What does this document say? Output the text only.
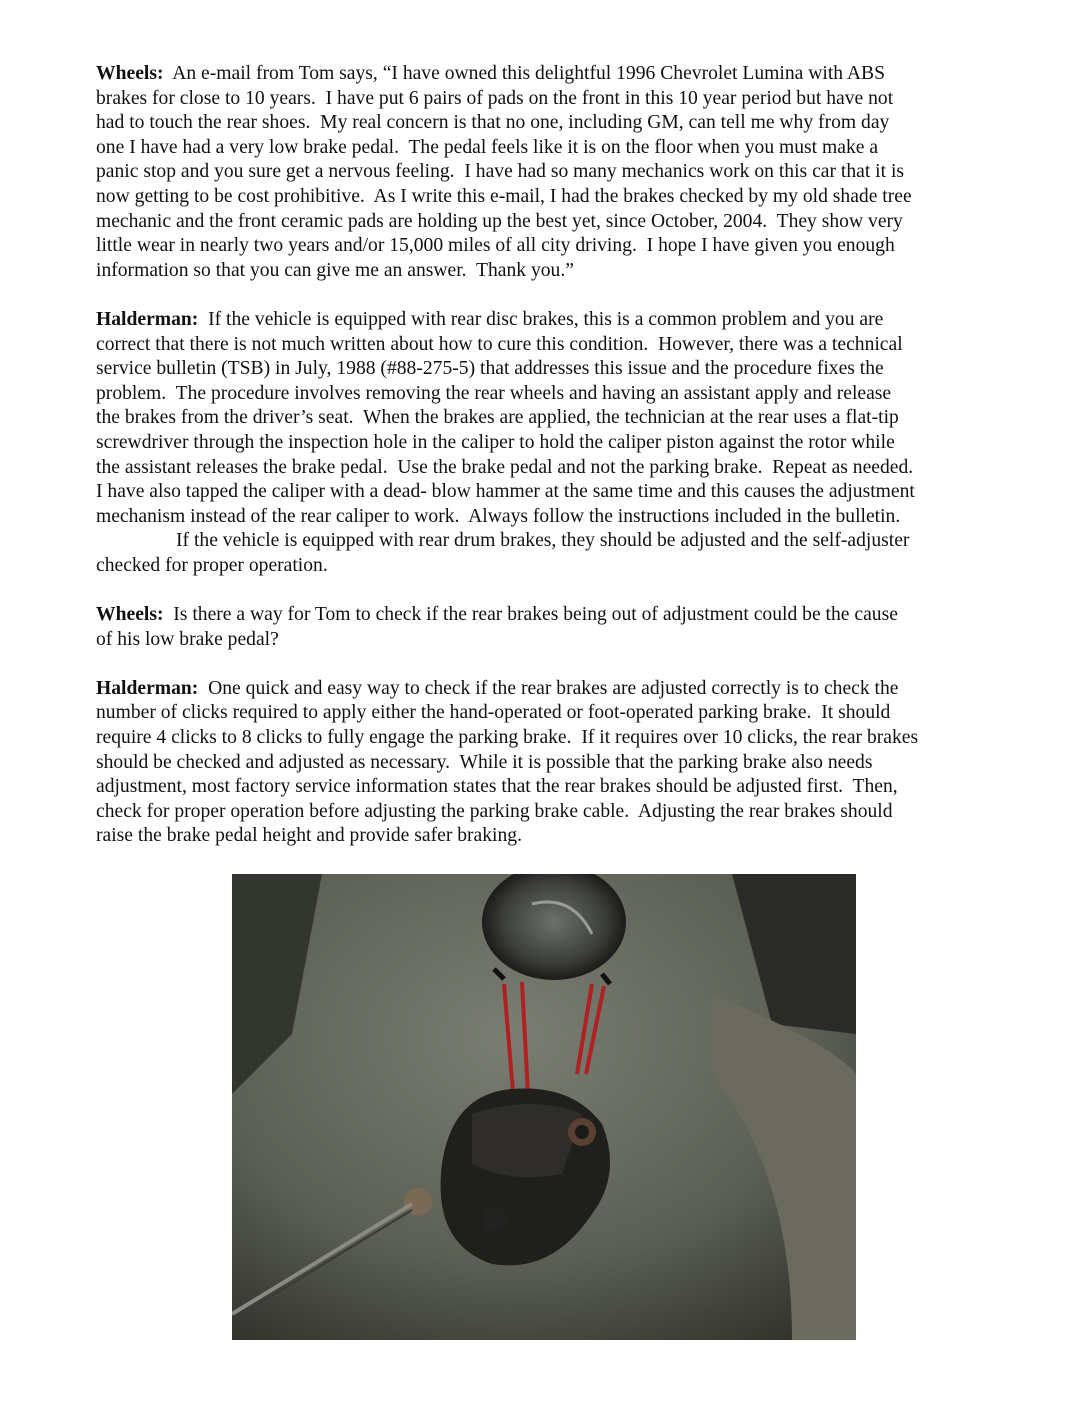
Wheels:  An e-mail from Tom says, “I have owned this delightful 1996 Chevrolet Lumina with ABS
brakes for close to 10 years.  I have put 6 pairs of pads on the front in this 10 year period but have not
had to touch the rear shoes.  My real concern is that no one, including GM, can tell me why from day
one I have had a very low brake pedal.  The pedal feels like it is on the floor when you must make a
panic stop and you sure get a nervous feeling.  I have had so many mechanics work on this car that it is
now getting to be cost prohibitive.  As I write this e-mail, I had the brakes checked by my old shade tree
mechanic and the front ceramic pads are holding up the best yet, since October, 2004.  They show very
little wear in nearly two years and/or 15,000 miles of all city driving.  I hope I have given you enough
information so that you can give me an answer.  Thank you.”
Halderman:  If the vehicle is equipped with rear disc brakes, this is a common problem and you are
correct that there is not much written about how to cure this condition.  However, there was a technical
service bulletin (TSB) in July, 1988 (#88-275-5) that addresses this issue and the procedure fixes the
problem.  The procedure involves removing the rear wheels and having an assistant apply and release
the brakes from the driver’s seat.  When the brakes are applied, the technician at the rear uses a flat-tip
screwdriver through the inspection hole in the caliper to hold the caliper piston against the rotor while
the assistant releases the brake pedal.  Use the brake pedal and not the parking brake.  Repeat as needed.
I have also tapped the caliper with a dead- blow hammer at the same time and this causes the adjustment
mechanism instead of the rear caliper to work.  Always follow the instructions included in the bulletin.
If the vehicle is equipped with rear drum brakes, they should be adjusted and the self-adjuster
checked for proper operation.
Wheels:  Is there a way for Tom to check if the rear brakes being out of adjustment could be the cause
of his low brake pedal?
Halderman:  One quick and easy way to check if the rear brakes are adjusted correctly is to check the
number of clicks required to apply either the hand-operated or foot-operated parking brake.  It should
require 4 clicks to 8 clicks to fully engage the parking brake.  If it requires over 10 clicks, the rear brakes
should be checked and adjusted as necessary.  While it is possible that the parking brake also needs
adjustment, most factory service information states that the rear brakes should be adjusted first.  Then,
check for proper operation before adjusting the parking brake cable.  Adjusting the rear brakes should
raise the brake pedal height and provide safer braking.
